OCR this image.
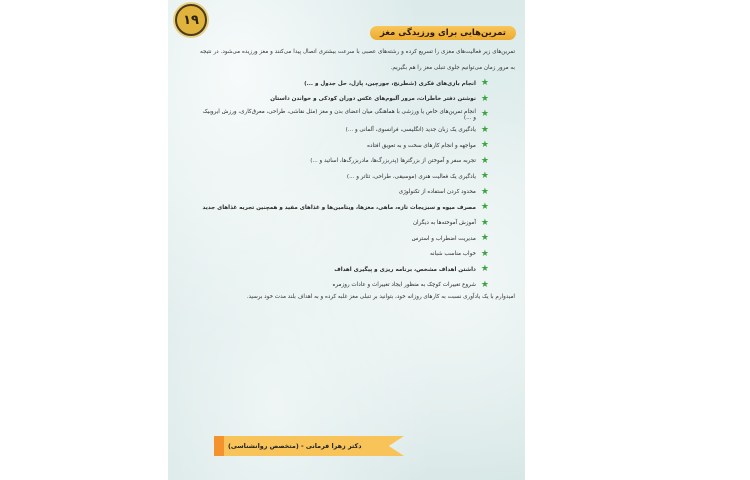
۱۹
تمرین‌هایی برای ورزیدگی مغز
تمرین‌های زیر فعالیت‌های مغزی را تسریع کرده و رشته‌های عصبی با سرعت بیشتری اتصال پیدا می‌کنند و مغز ورزیده می‌شود. در نتیجه به مرور زمان می‌توانیم جلوی تنبلی مغز را هم بگیریم.
★
انجام بازی‌های فکری (شطرنج، جورچین، پازل، حل جدول و ...)
★
نوشتن دفتر خاطرات، مرور آلبوم‌های عکس دوران کودکی و خواندن داستان
★
انجام تمرین‌های خاص یا ورزشی با هماهنگی میان اعضای بدن و مغز (مثل نقاشی، طراحی، معرق‌کاری، ورزش ایروبیک و ...)
★
یادگیری یک زبان جدید (انگلیسی، فرانسوی، آلمانی و ...)
★
مواجهه و انجام کارهای سخت و به تعویق افتاده
★
تجربه سفر و آموختن از بزرگترها (پدربزرگ‌ها، مادربزرگ‌ها، اساتید و ...)
★
یادگیری یک فعالیت هنری (موسیقی، طراحی، تئاتر و ...)
★
محدود کردن استفاده از تکنولوژی
★
مصرف میوه و سبزیجات تازه، ماهی، مغزها، ویتامین‌ها و غذاهای مفید و همچنین تجربه غذاهای جدید
★
آموزش آموخته‌ها به دیگران
★
مدیریت اضطراب و استرس
★
خواب مناسب شبانه
★
داشتن اهداف مشخص، برنامه ریزی و پیگیری اهداف
★
شروع تغییرات کوچک به منظور ایجاد تغییرات و عادات روزمره
امیدوارم با یک یادآوری نسبت به کارهای روزانه خود، بتوانید بر تنبلی مغز غلبه کرده و به اهداف بلند مدت خود برسید.
دکتر زهرا فرمانی - (متخصص روانشناسی)
